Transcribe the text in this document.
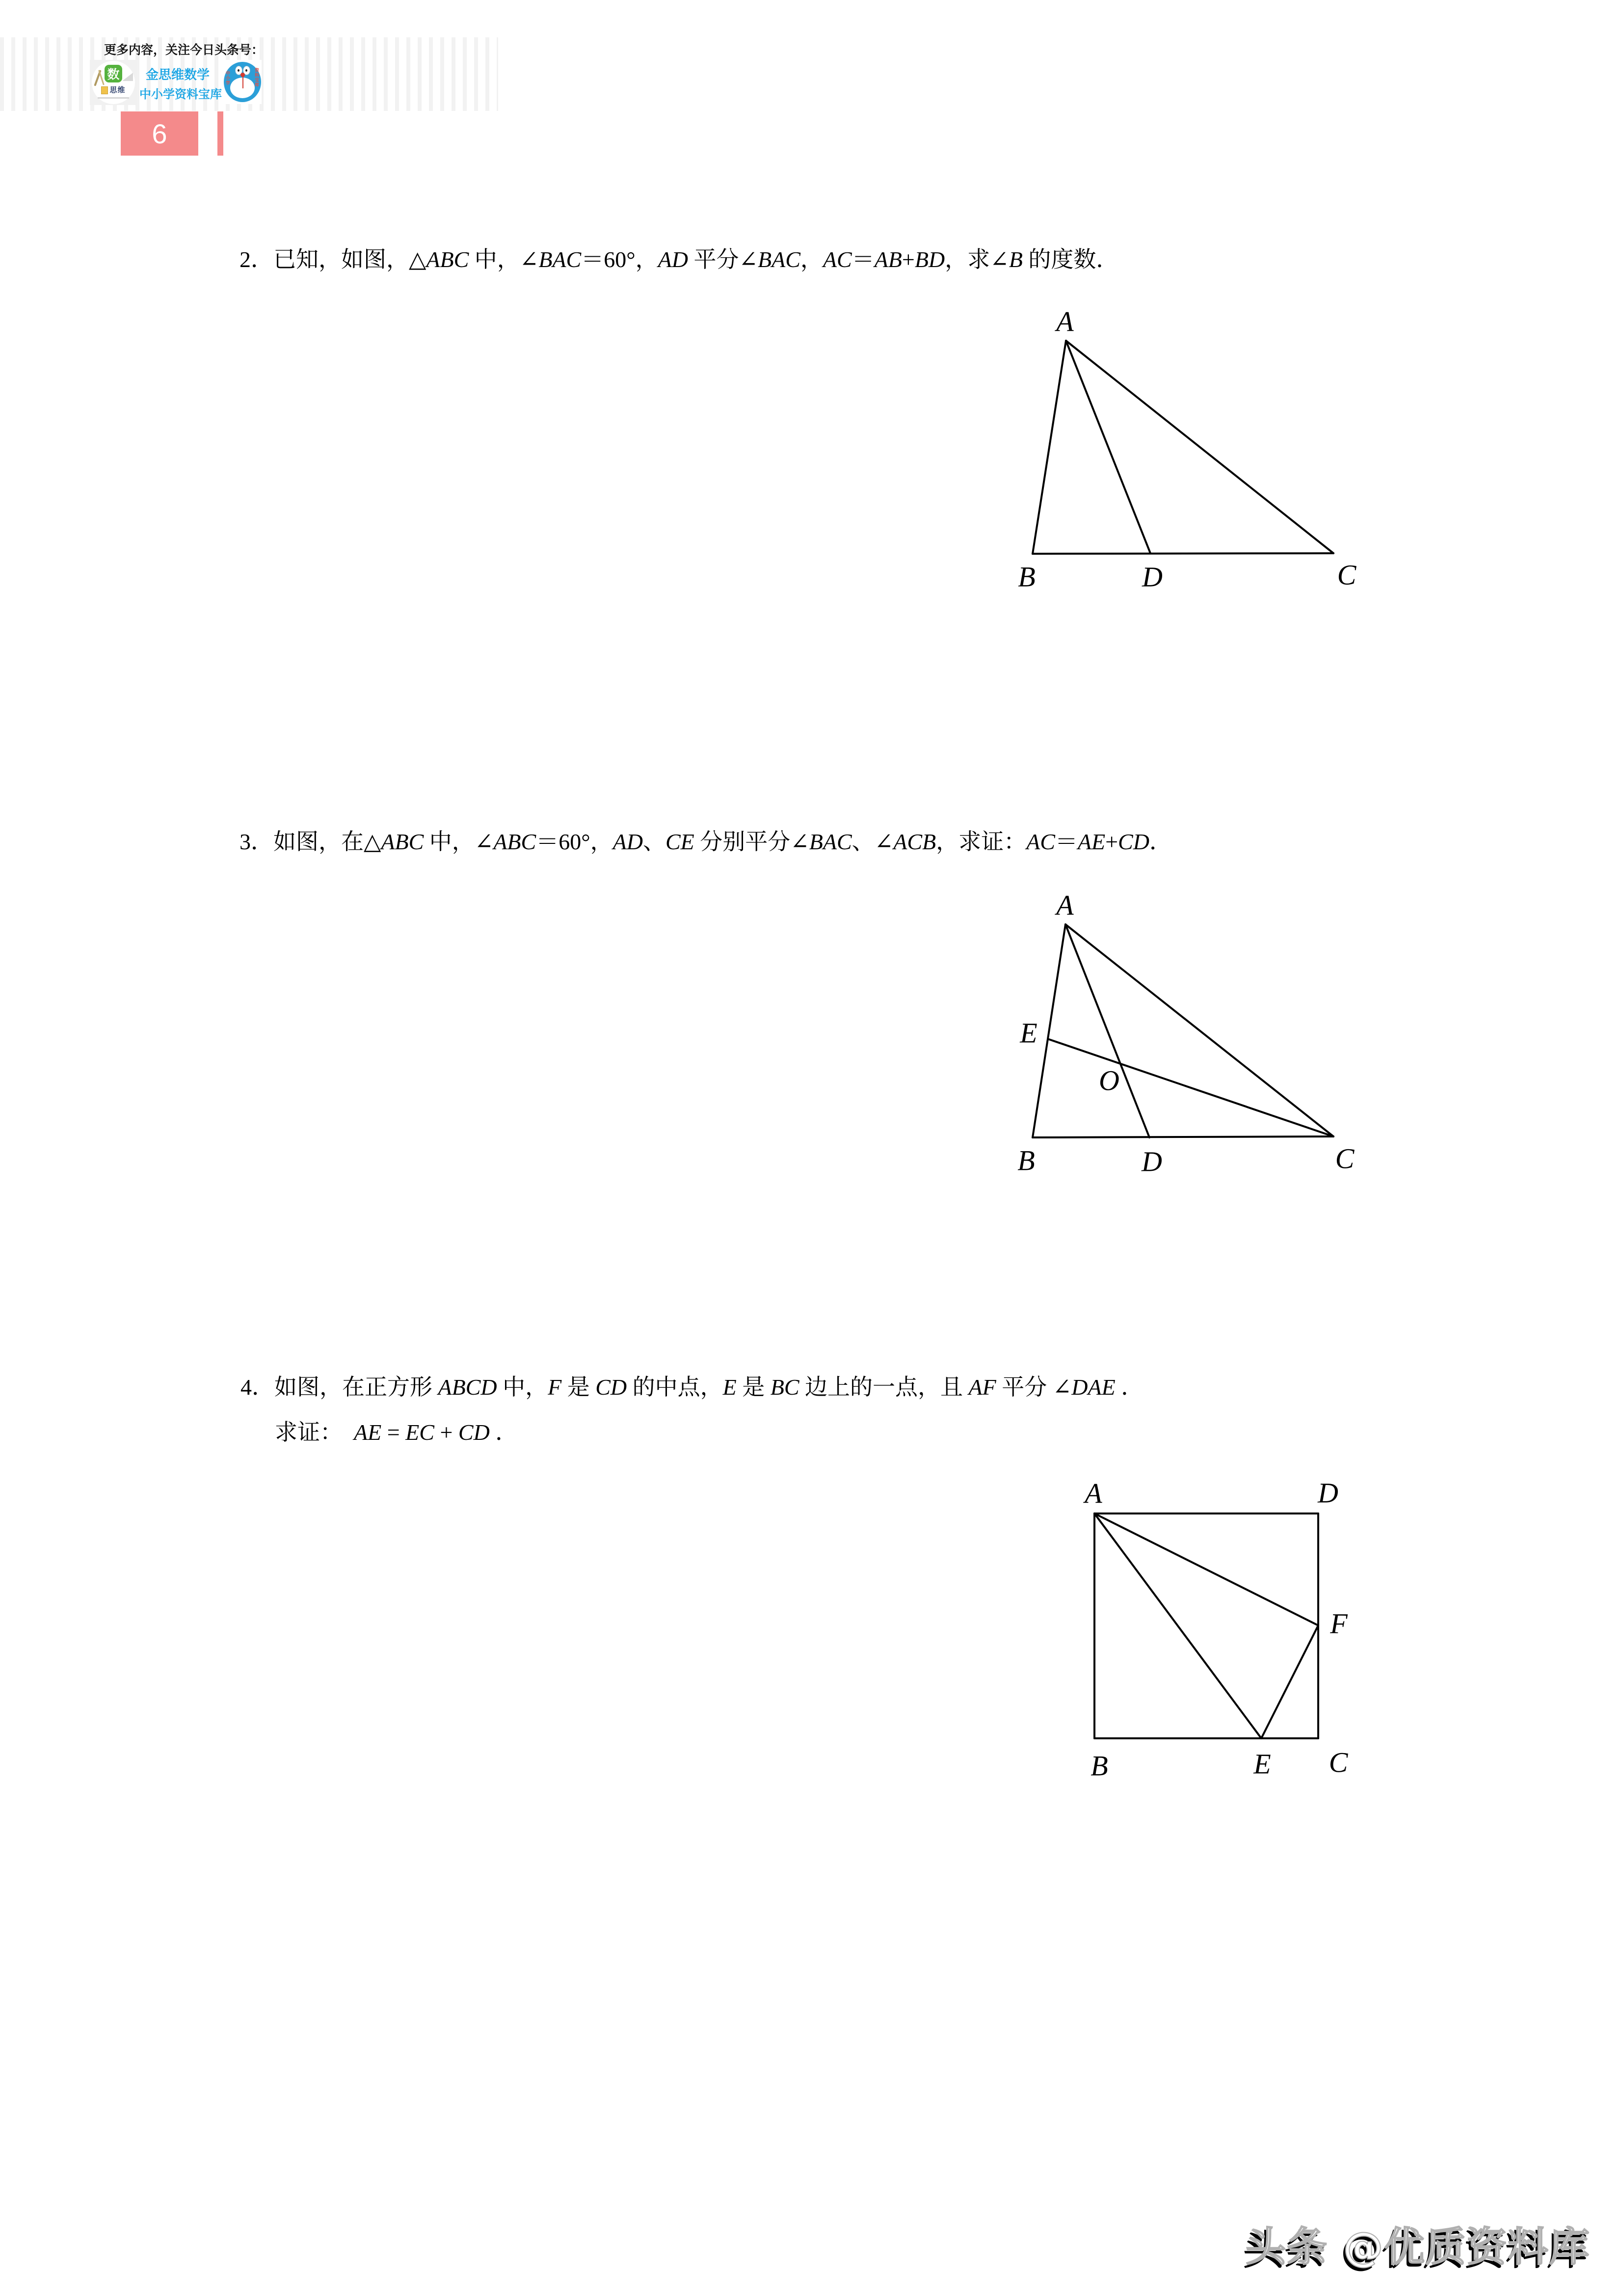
更多内容，关注今日头条号：
数
思维
金思维数学
中小学资料宝库
中小学	资料宝库
6
2．已知，如图，△ABC 中，∠BAC＝60°，AD 平分∠BAC，AC＝AB+BD，求∠B 的度数．
A
B	D	C
3．如图，在△ABC 中，∠ABC＝60°，AD、CE 分别平分∠BAC、∠ACB，求证：AC＝AE+CD．
A
E
O
B	D	C
4．如图，在正方形 ABCD 中，F 是 CD 的中点，E 是 BC 边上的一点，且 AF 平分 ∠DAE ．
求证：　AE = EC + CD ．
A	D
F
B	E C
头条 @优质资料库
